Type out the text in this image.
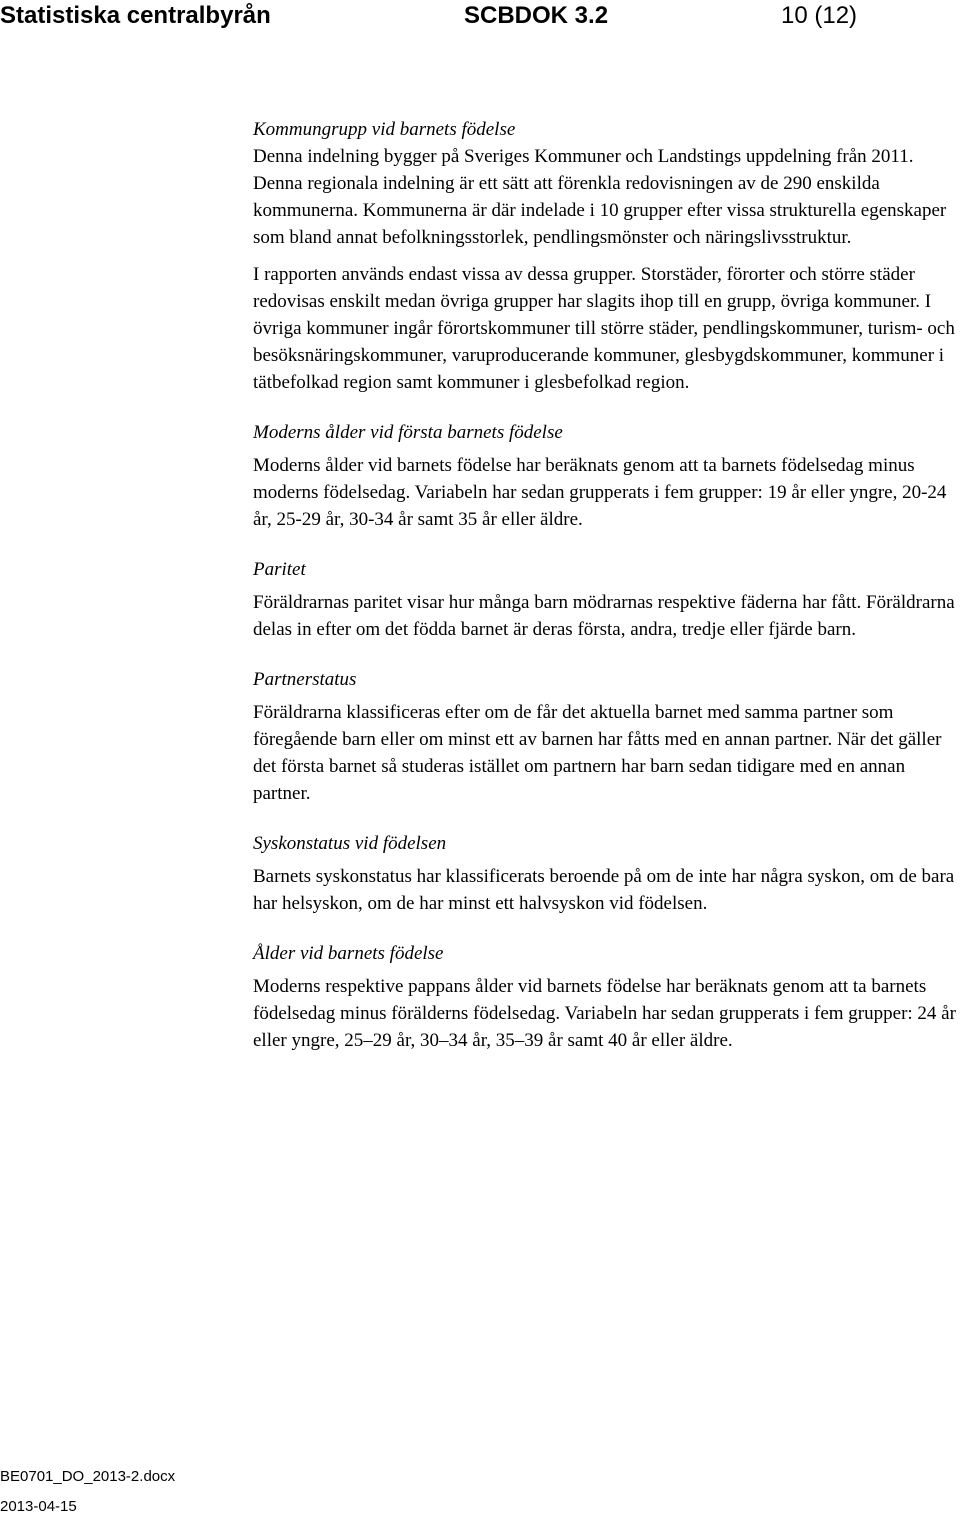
Statistiska centralbyrån	SCBDOK 3.2	10 (12)
Kommungrupp vid barnets födelse

Denna indelning bygger på Sveriges Kommuner och Landstings uppdelning från 2011. Denna regionala indelning är ett sätt att förenkla redovisningen av de 290 enskilda kommunerna. Kommunerna är där indelade i 10 grupper efter vissa strukturella egenskaper som bland annat befolkningsstorlek, pendlingsmönster och näringslivsstruktur.

I rapporten används endast vissa av dessa grupper. Storstäder, förorter och större städer redovisas enskilt medan övriga grupper har slagits ihop till en grupp, övriga kommuner. I övriga kommuner ingår förortskommuner till större städer, pendlingskommuner, turism- och besöksnäringskommuner, varuproducerande kommuner, glesbygdskommuner, kommuner i tätbefolkad region samt kommuner i glesbefolkad region.

Moderns ålder vid första barnets födelse

Moderns ålder vid barnets födelse har beräknats genom att ta barnets födelsedag minus moderns födelsedag. Variabeln har sedan grupperats i fem grupper: 19 år eller yngre, 20-24 år, 25-29 år, 30-34 år samt 35 år eller äldre.

Paritet

Föräldrarnas paritet visar hur många barn mödrarnas respektive fäderna har fått. Föräldrarna delas in efter om det födda barnet är deras första, andra, tredje eller fjärde barn.

Partnerstatus

Föräldrarna klassificeras efter om de får det aktuella barnet med samma partner som föregående barn eller om minst ett av barnen har fåtts med en annan partner. När det gäller det första barnet så studeras istället om partnern har barn sedan tidigare med en annan partner.

Syskonstatus vid födelsen

Barnets syskonstatus har klassificerats beroende på om de inte har några syskon, om de bara har helsyskon, om de har minst ett halvsyskon vid födelsen.

Ålder vid barnets födelse

Moderns respektive pappans ålder vid barnets födelse har beräknats genom att ta barnets födelsedag minus förälderns födelsedag. Variabeln har sedan grupperats i fem grupper: 24 år eller yngre, 25–29 år, 30–34 år, 35–39 år samt 40 år eller äldre.

BE0701_DO_2013-2.docx
2013-04-15
